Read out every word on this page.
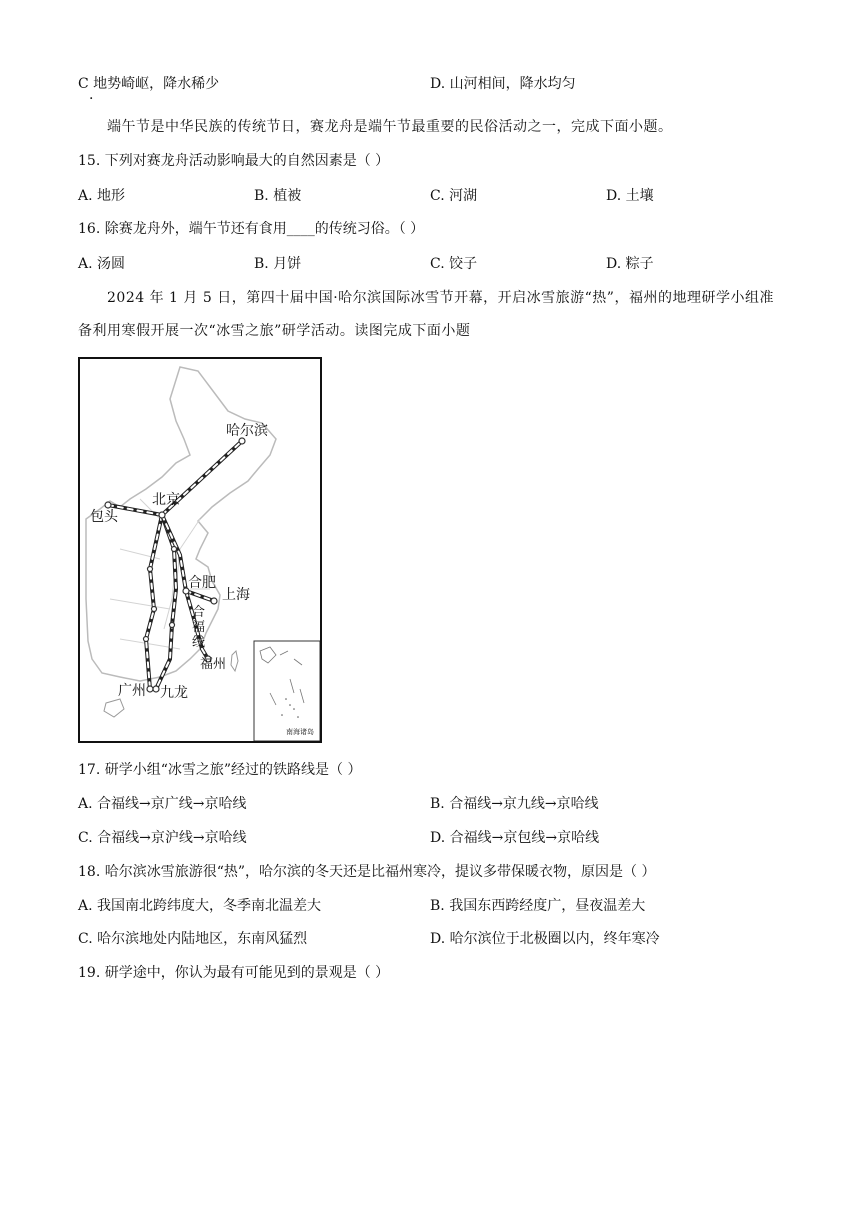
C 地势崎岖，降水稀少
·
D. 山河相间，降水均匀
端午节是中华民族的传统节日，赛龙舟是端午节最重要的民俗活动之一，完成下面小题。
15. 下列对赛龙舟活动影响最大的自然因素是（ ）
A. 地形	B. 植被	C. 河湖	D. 土壤
16. 除赛龙舟外，端午节还有食用____的传统习俗。（ ）
A. 汤圆	B. 月饼	C. 饺子	D. 粽子
2024 年 1 月 5 日，第四十届中国·哈尔滨国际冰雪节开幕，开启冰雪旅游“热”，福州的地理研学小组准
备利用寒假开展一次“冰雪之旅”研学活动。读图完成下面小题
哈尔滨
北京
包头
合肥
上海
合福线
福州
广州 九龙
南海诸岛
17. 研学小组“冰雪之旅”经过的铁路线是（ ）
A. 合福线→京广线→京哈线	B. 合福线→京九线→京哈线
C. 合福线→京沪线→京哈线	D. 合福线→京包线→京哈线
18. 哈尔滨冰雪旅游很“热”，哈尔滨的冬天还是比福州寒冷，提议多带保暖衣物，原因是（ ）
A. 我国南北跨纬度大，冬季南北温差大	B. 我国东西跨经度广，昼夜温差大
C. 哈尔滨地处内陆地区，东南风猛烈	D. 哈尔滨位于北极圈以内，终年寒冷
19. 研学途中，你认为最有可能见到的景观是（ ）
